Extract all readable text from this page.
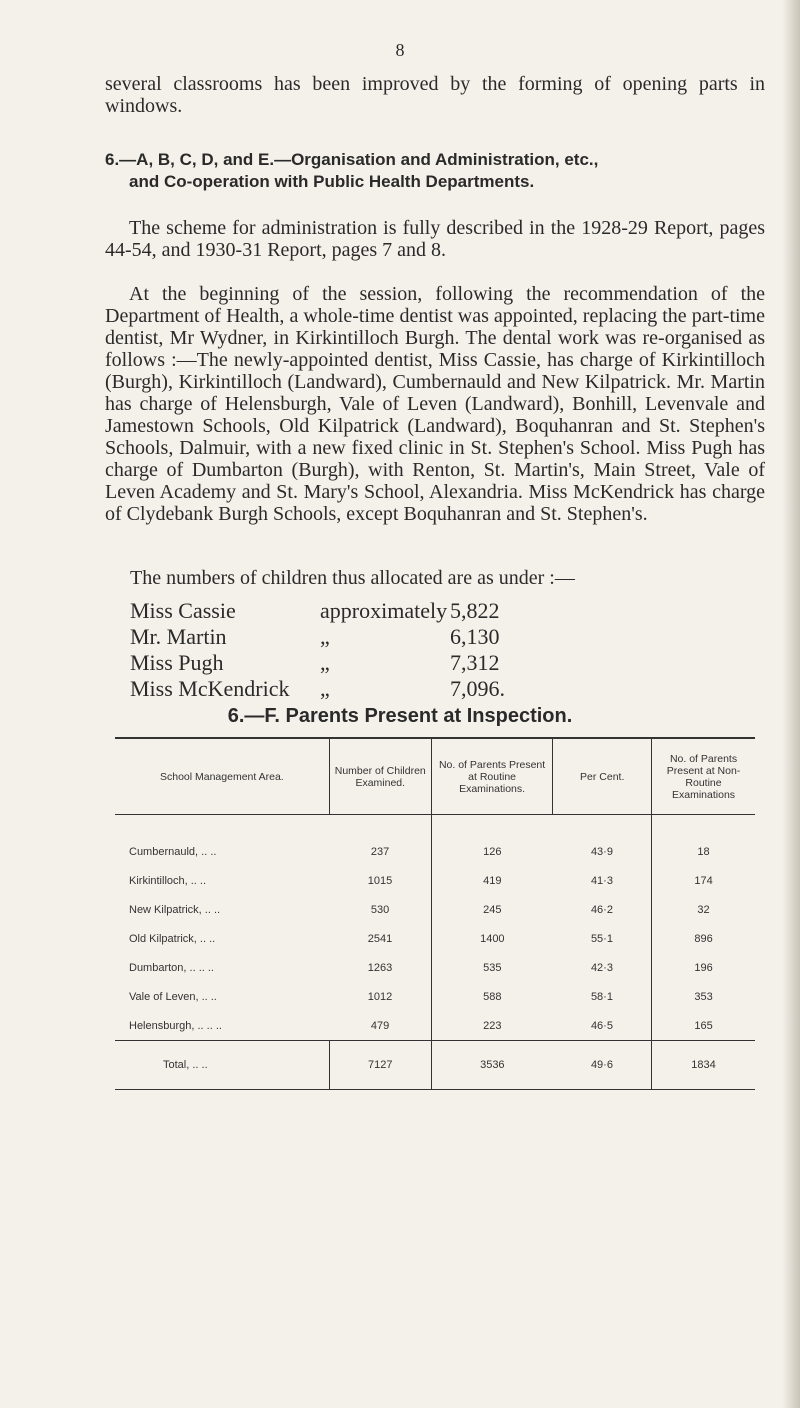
8

several classrooms has been improved by the forming of opening parts in windows.

6.—A, B, C, D, and E.—Organisation and Administration, etc.,
and Co-operation with Public Health Departments.

The scheme for administration is fully described in the 1928-29 Report, pages 44-54, and 1930-31 Report, pages 7 and 8.

At the beginning of the session, following the recommendation of the Department of Health, a whole-time dentist was appointed, replacing the part-time dentist, Mr Wydner, in Kirkintilloch Burgh. The dental work was re-organised as follows :—The newly-appointed dentist, Miss Cassie, has charge of Kirkintilloch (Burgh), Kirkintilloch (Landward), Cumbernauld and New Kilpatrick. Mr. Martin has charge of Helensburgh, Vale of Leven (Landward), Bonhill, Levenvale and Jamestown Schools, Old Kilpatrick (Landward), Boquhanran and St. Stephen's Schools, Dalmuir, with a new fixed clinic in St. Stephen's School. Miss Pugh has charge of Dumbarton (Burgh), with Renton, St. Martin's, Main Street, Vale of Leven Academy and St. Mary's School, Alexandria. Miss McKendrick has charge of Clydebank Burgh Schools, except Boquhanran and St. Stephen's.

The numbers of children thus allocated are as under :—

Miss Cassie	approximately 5,822
Mr. Martin	„	6,130
Miss Pugh	„	7,312
Miss McKendrick	„	7,096.

6.—F. Parents Present at Inspection.

School Management Area.	Number of Children Examined.	No. of Parents Present at Routine Examinations.	Per Cent.	No. of Parents Present at Non-Routine Examinations
Cumbernauld, .. ..	237	126	43·9	18
Kirkintilloch, .. ..	1015	419	41·3	174
New Kilpatrick, .. ..	530	245	46·2	32
Old Kilpatrick, .. ..	2541	1400	55·1	896
Dumbarton, .. .. ..	1263	535	42·3	196
Vale of Leven, .. ..	1012	588	58·1	353
Helensburgh, .. .. ..	479	223	46·5	165
Total, .. ..	7127	3536	49·6	1834
